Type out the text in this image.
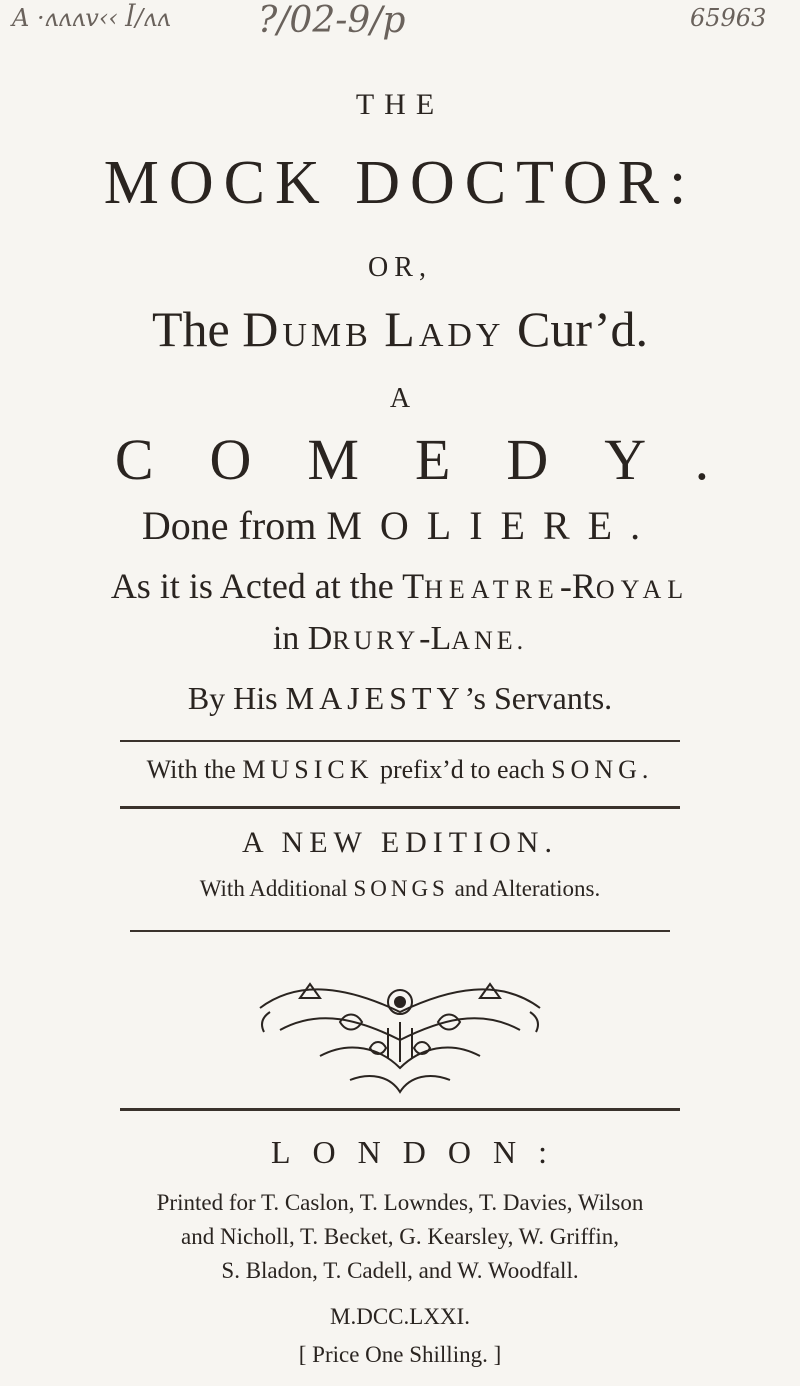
A ·ʌʌʌv‹‹ ꟾ/ʌʌ ?/02-9/p	65963
THE
MOCK DOCTOR:
OR,
The DUMB LADY Cur’d.
A
COMEDY.
Done from MOLIERE.
As it is Acted at the THEATRE-ROYAL
in DRURY-LANE.
By His MAJESTY’s Servants.
With the MUSICK prefix’d to each SONG.
A NEW EDITION.
With Additional SONGS and Alterations.
LONDON:
Printed for T. Caslon, T. Lowndes, T. Davies, Wilson
and Nicholl, T. Becket, G. Kearsley, W. Griffin,
S. Bladon, T. Cadell, and W. Woodfall.
M.DCC.LXXI.
[ Price One Shilling. ]
